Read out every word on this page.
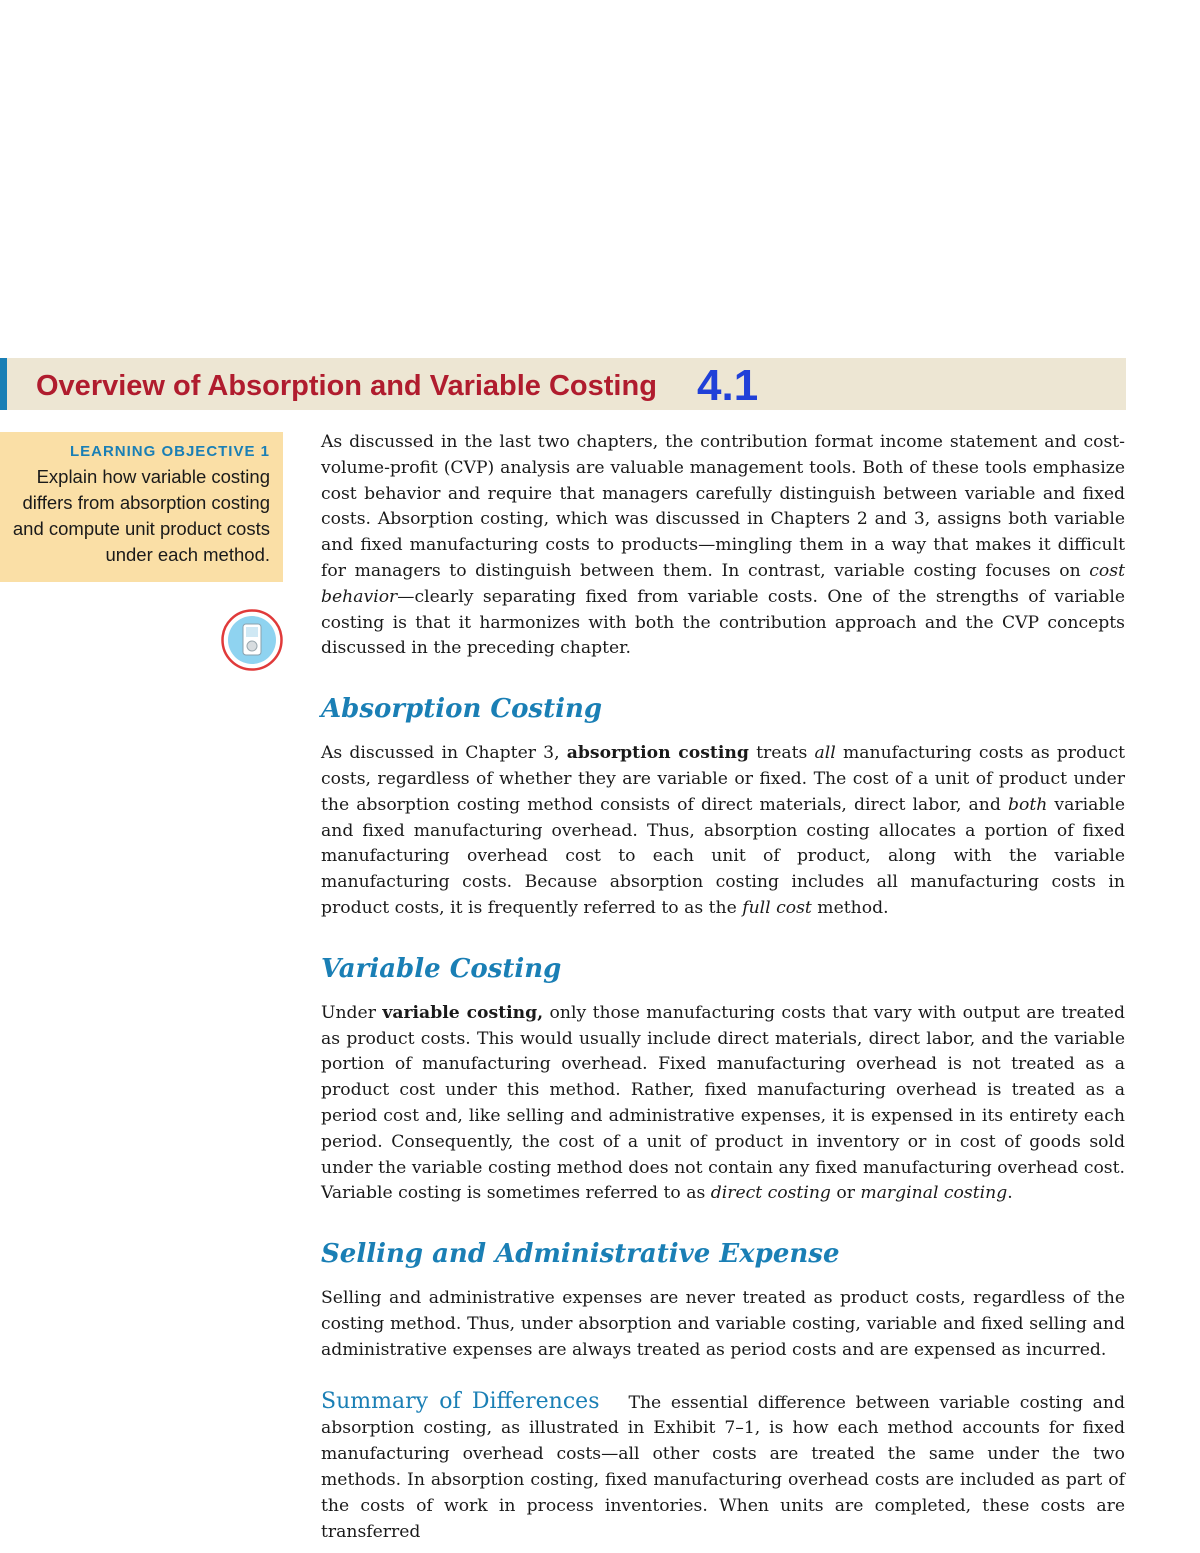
Overview of Absorption and Variable Costing 4.1
LEARNING OBJECTIVE 1
Explain how variable costing differs from absorption costing and compute unit product costs under each method.

As discussed in the last two chapters, the contribution format income statement and cost-volume-profit (CVP) analysis are valuable management tools. Both of these tools emphasize cost behavior and require that managers carefully distinguish between variable and fixed costs. Absorption costing, which was discussed in Chapters 2 and 3, assigns both variable and fixed manufacturing costs to products—mingling them in a way that makes it difficult for managers to distinguish between them. In contrast, variable costing focuses on cost behavior—clearly separating fixed from variable costs. One of the strengths of variable costing is that it harmonizes with both the contribution approach and the CVP concepts discussed in the preceding chapter.

Absorption Costing

As discussed in Chapter 3, absorption costing treats all manufacturing costs as product costs, regardless of whether they are variable or fixed. The cost of a unit of product under the absorption costing method consists of direct materials, direct labor, and both variable and fixed manufacturing overhead. Thus, absorption costing allocates a portion of fixed manufacturing overhead cost to each unit of product, along with the variable manufacturing costs. Because absorption costing includes all manufacturing costs in product costs, it is frequently referred to as the full cost method.

Variable Costing

Under variable costing, only those manufacturing costs that vary with output are treated as product costs. This would usually include direct materials, direct labor, and the variable portion of manufacturing overhead. Fixed manufacturing overhead is not treated as a product cost under this method. Rather, fixed manufacturing overhead is treated as a period cost and, like selling and administrative expenses, it is expensed in its entirety each period. Consequently, the cost of a unit of product in inventory or in cost of goods sold under the variable costing method does not contain any fixed manufacturing overhead cost. Variable costing is sometimes referred to as direct costing or marginal costing.

Selling and Administrative Expense

Selling and administrative expenses are never treated as product costs, regardless of the costing method. Thus, under absorption and variable costing, variable and fixed selling and administrative expenses are always treated as period costs and are expensed as incurred.

Summary of Differences The essential difference between variable costing and absorption costing, as illustrated in Exhibit 7–1, is how each method accounts for fixed manufacturing overhead costs—all other costs are treated the same under the two methods. In absorption costing, fixed manufacturing overhead costs are included as part of the costs of work in process inventories. When units are completed, these costs are transferred
